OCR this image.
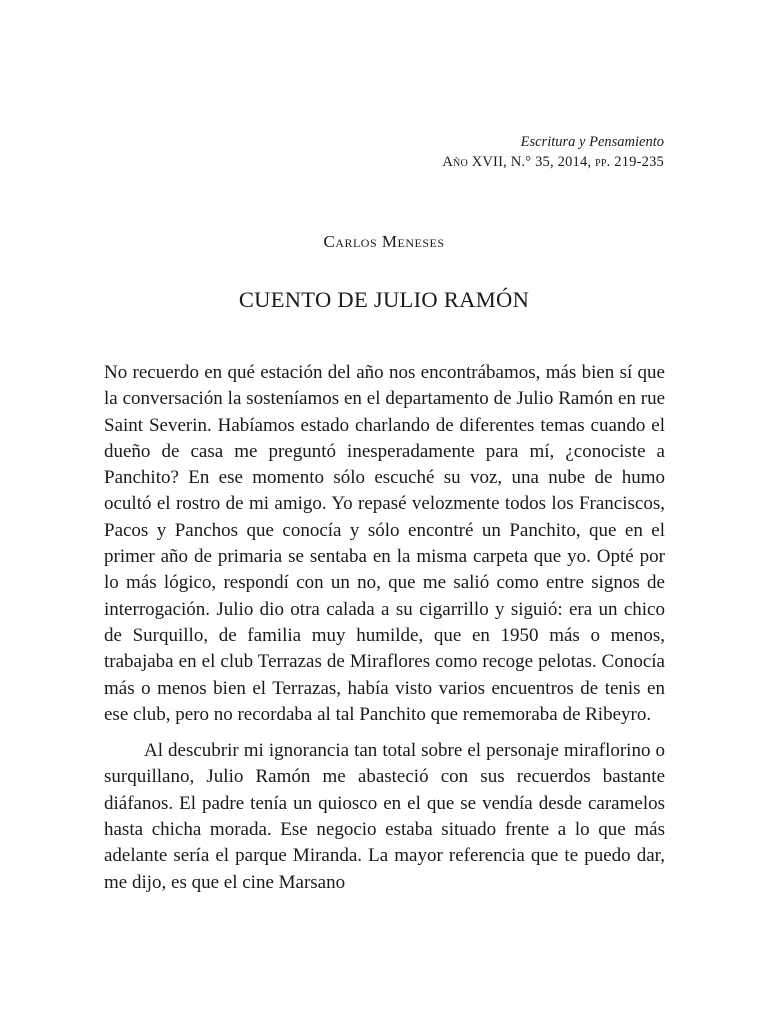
Escritura y Pensamiento
Año XVII, N.° 35, 2014, pp. 219-235
Carlos Meneses
CUENTO DE JULIO RAMÓN

No recuerdo en qué estación del año nos encontrábamos, más bien sí que la conversación la sosteníamos en el departamento de Julio Ramón en rue Saint Severin. Habíamos estado charlando de diferentes temas cuando el dueño de casa me preguntó inesperadamente para mí, ¿conociste a Panchito? En ese momento sólo escuché su voz, una nube de humo ocultó el rostro de mi amigo. Yo repasé velozmente todos los Franciscos, Pacos y Panchos que conocía y sólo encontré un Panchito, que en el primer año de primaria se sentaba en la misma carpeta que yo. Opté por lo más lógico, respondí con un no, que me salió como entre signos de interrogación. Julio dio otra calada a su cigarrillo y siguió: era un chico de Surquillo, de familia muy humilde, que en 1950 más o menos, trabajaba en el club Terrazas de Miraflores como recoge pelotas. Conocía más o menos bien el Terrazas, había visto varios encuentros de tenis en ese club, pero no recordaba al tal Panchito que rememoraba de Ribeyro.

Al descubrir mi ignorancia tan total sobre el personaje miraflorino o surquillano, Julio Ramón me abasteció con sus recuerdos bastante diáfanos. El padre tenía un quiosco en el que se vendía desde caramelos hasta chicha morada. Ese negocio estaba situado frente a lo que más adelante sería el parque Miranda. La mayor referencia que te puedo dar, me dijo, es que el cine Marsano
